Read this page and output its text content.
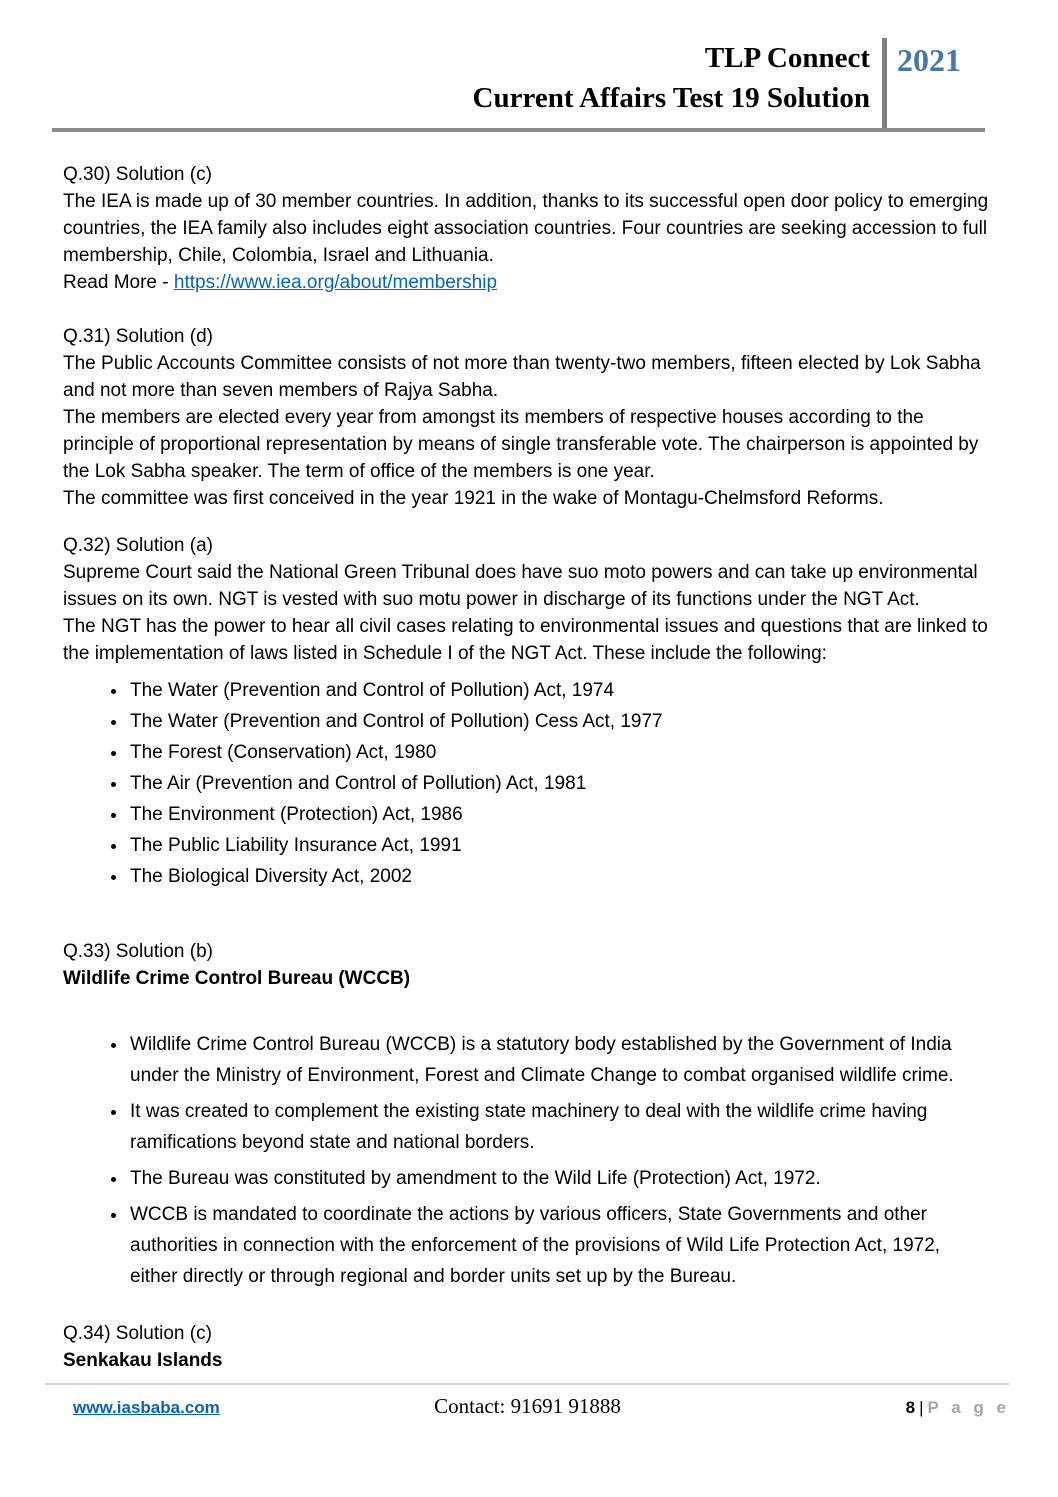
TLP Connect
Current Affairs Test 19 Solution
2021

Q.30) Solution (c)

The IEA is made up of 30 member countries. In addition, thanks to its successful open door policy to emerging countries, the IEA family also includes eight association countries. Four countries are seeking accession to full membership, Chile, Colombia, Israel and Lithuania.

Read More - https://www.iea.org/about/membership

Q.31) Solution (d)

The Public Accounts Committee consists of not more than twenty-two members, fifteen elected by Lok Sabha and not more than seven members of Rajya Sabha.

The members are elected every year from amongst its members of respective houses according to the principle of proportional representation by means of single transferable vote. The chairperson is appointed by the Lok Sabha speaker. The term of office of the members is one year.

The committee was first conceived in the year 1921 in the wake of Montagu-Chelmsford Reforms.

Q.32) Solution (a)

Supreme Court said the National Green Tribunal does have suo moto powers and can take up environmental issues on its own. NGT is vested with suo motu power in discharge of its functions under the NGT Act.

The NGT has the power to hear all civil cases relating to environmental issues and questions that are linked to the implementation of laws listed in Schedule I of the NGT Act. These include the following:

• The Water (Prevention and Control of Pollution) Act, 1974
• The Water (Prevention and Control of Pollution) Cess Act, 1977
• The Forest (Conservation) Act, 1980
• The Air (Prevention and Control of Pollution) Act, 1981
• The Environment (Protection) Act, 1986
• The Public Liability Insurance Act, 1991
• The Biological Diversity Act, 2002

Q.33) Solution (b)

Wildlife Crime Control Bureau (WCCB)

• Wildlife Crime Control Bureau (WCCB) is a statutory body established by the Government of India under the Ministry of Environment, Forest and Climate Change to combat organised wildlife crime.
• It was created to complement the existing state machinery to deal with the wildlife crime having ramifications beyond state and national borders.
• The Bureau was constituted by amendment to the Wild Life (Protection) Act, 1972.
• WCCB is mandated to coordinate the actions by various officers, State Governments and other authorities in connection with the enforcement of the provisions of Wild Life Protection Act, 1972, either directly or through regional and border units set up by the Bureau.

Q.34) Solution (c)

Senkakau Islands

www.iasbaba.com	Contact: 91691 91888	8 | P a g e
